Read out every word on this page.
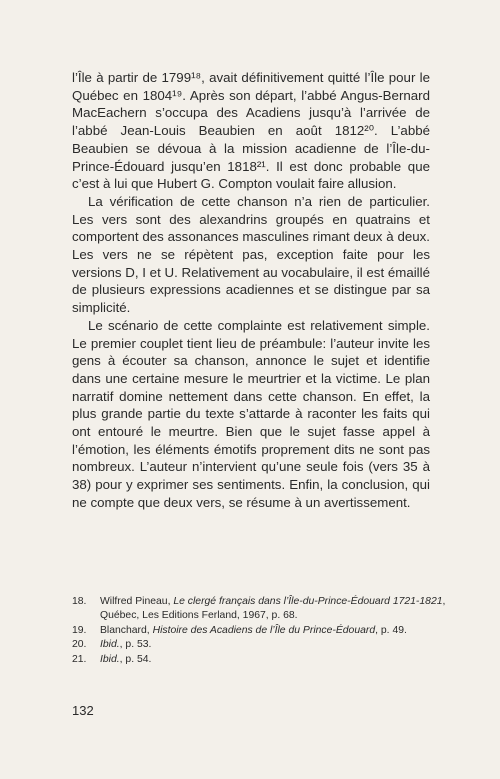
l’Île à partir de 1799¹⁸, avait définitivement quitté l’Île pour le Québec en 1804¹⁹. Après son départ, l’abbé Angus-Bernard MacEachern s’occupa des Acadiens jusqu’à l’arrivée de l’abbé Jean-Louis Beaubien en août 1812²⁰. L’abbé Beaubien se dévoua à la mission acadienne de l’Île-du-Prince-Édouard jusqu’en 1818²¹. Il est donc probable que c’est à lui que Hubert G. Compton voulait faire allusion.

La vérification de cette chanson n’a rien de particulier. Les vers sont des alexandrins groupés en quatrains et comportent des assonances masculines rimant deux à deux. Les vers ne se répètent pas, exception faite pour les versions D, I et U. Relativement au vocabulaire, il est émaillé de plusieurs expressions acadiennes et se distingue par sa simplicité.

Le scénario de cette complainte est relativement simple. Le premier couplet tient lieu de préambule: l’auteur invite les gens à écouter sa chanson, annonce le sujet et identifie dans une certaine mesure le meurtrier et la victime. Le plan narratif domine nettement dans cette chanson. En effet, la plus grande partie du texte s’attarde à raconter les faits qui ont entouré le meurtre. Bien que le sujet fasse appel à l’émotion, les éléments émotifs proprement dits ne sont pas nombreux. L’auteur n’intervient qu’une seule fois (vers 35 à 38) pour y exprimer ses sentiments. Enfin, la conclusion, qui ne compte que deux vers, se résume à un avertissement.

18. Wilfred Pineau, Le clergé français dans l’Île-du-Prince-Édouard 1721-1821, Québec, Les Editions Ferland, 1967, p. 68.
19. Blanchard, Histoire des Acadiens de l’Île du Prince-Édouard, p. 49.
20. Ibid., p. 53.
21. Ibid., p. 54.
132
